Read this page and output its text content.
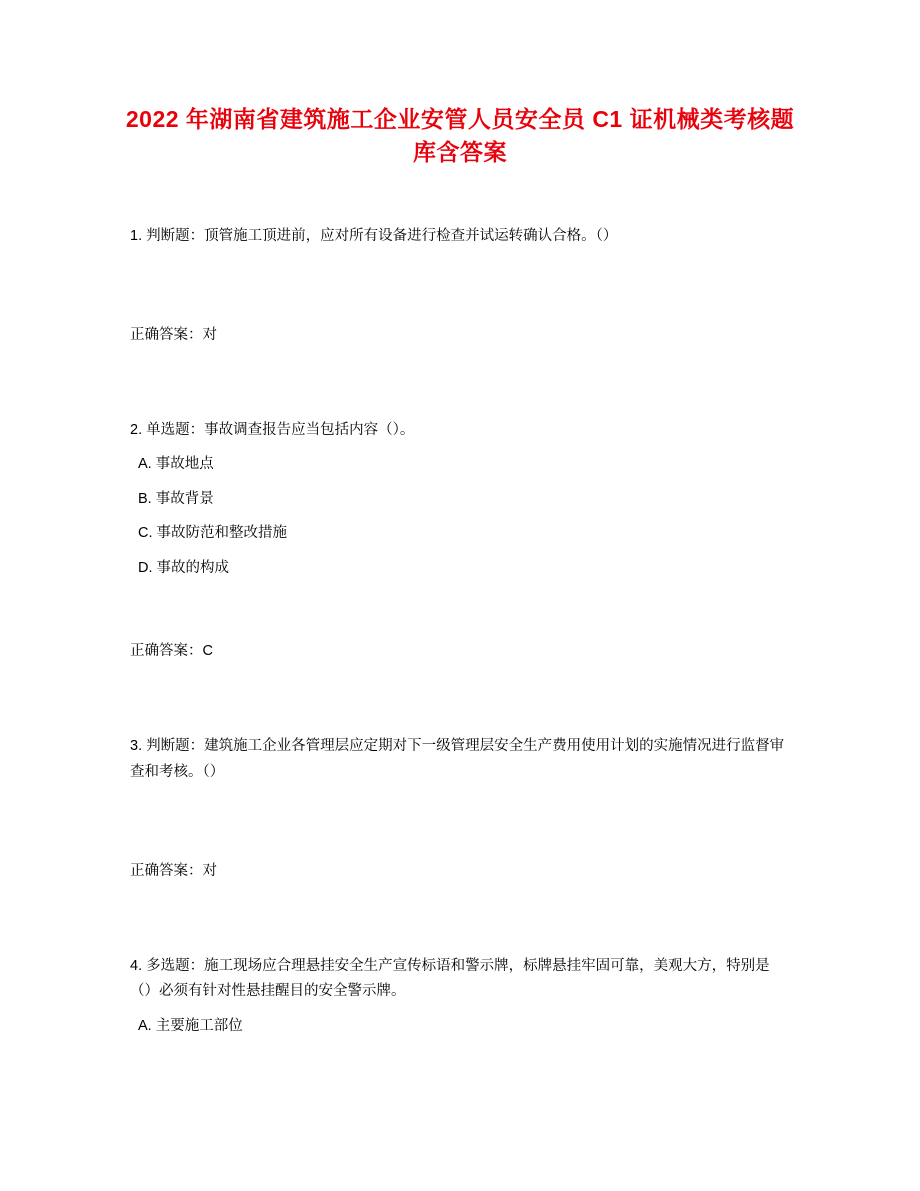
2022 年湖南省建筑施工企业安管人员安全员 C1 证机械类考核题库含答案

1. 判断题：顶管施工顶进前，应对所有设备进行检查并试运转确认合格。（）

正确答案：对

2. 单选题：事故调查报告应当包括内容（）。

A. 事故地点
B. 事故背景
C. 事故防范和整改措施
D. 事故的构成

正确答案：C

3. 判断题：建筑施工企业各管理层应定期对下一级管理层安全生产费用使用计划的实施情况进行监督审查和考核。（）

正确答案：对

4. 多选题：施工现场应合理悬挂安全生产宣传标语和警示牌，标牌悬挂牢固可靠，美观大方，特别是（）必须有针对性悬挂醒目的安全警示牌。

A. 主要施工部位
